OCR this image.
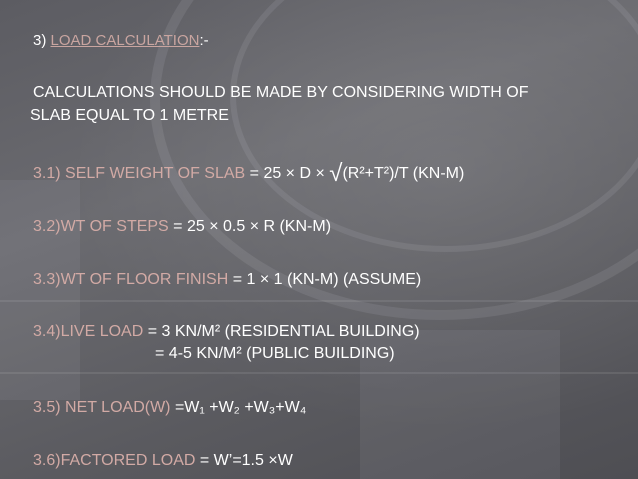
3) LOAD CALCULATION:-
CALCULATIONS SHOULD BE MADE BY CONSIDERING WIDTH OF
SLAB EQUAL TO 1 METRE
3.1) SELF WEIGHT OF SLAB = 25 × D × √(R²+T²)/T (KN-M)
3.2)WT OF STEPS = 25 × 0.5 × R (KN-M)
3.3)WT OF FLOOR FINISH = 1 × 1 (KN-M) (ASSUME)
3.4)LIVE LOAD = 3 KN/M² (RESIDENTIAL BUILDING)
= 4-5 KN/M² (PUBLIC BUILDING)
3.5) NET LOAD(W) =W₁ +W₂ +W₃+W₄
3.6)FACTORED LOAD = W’=1.5 ×W
